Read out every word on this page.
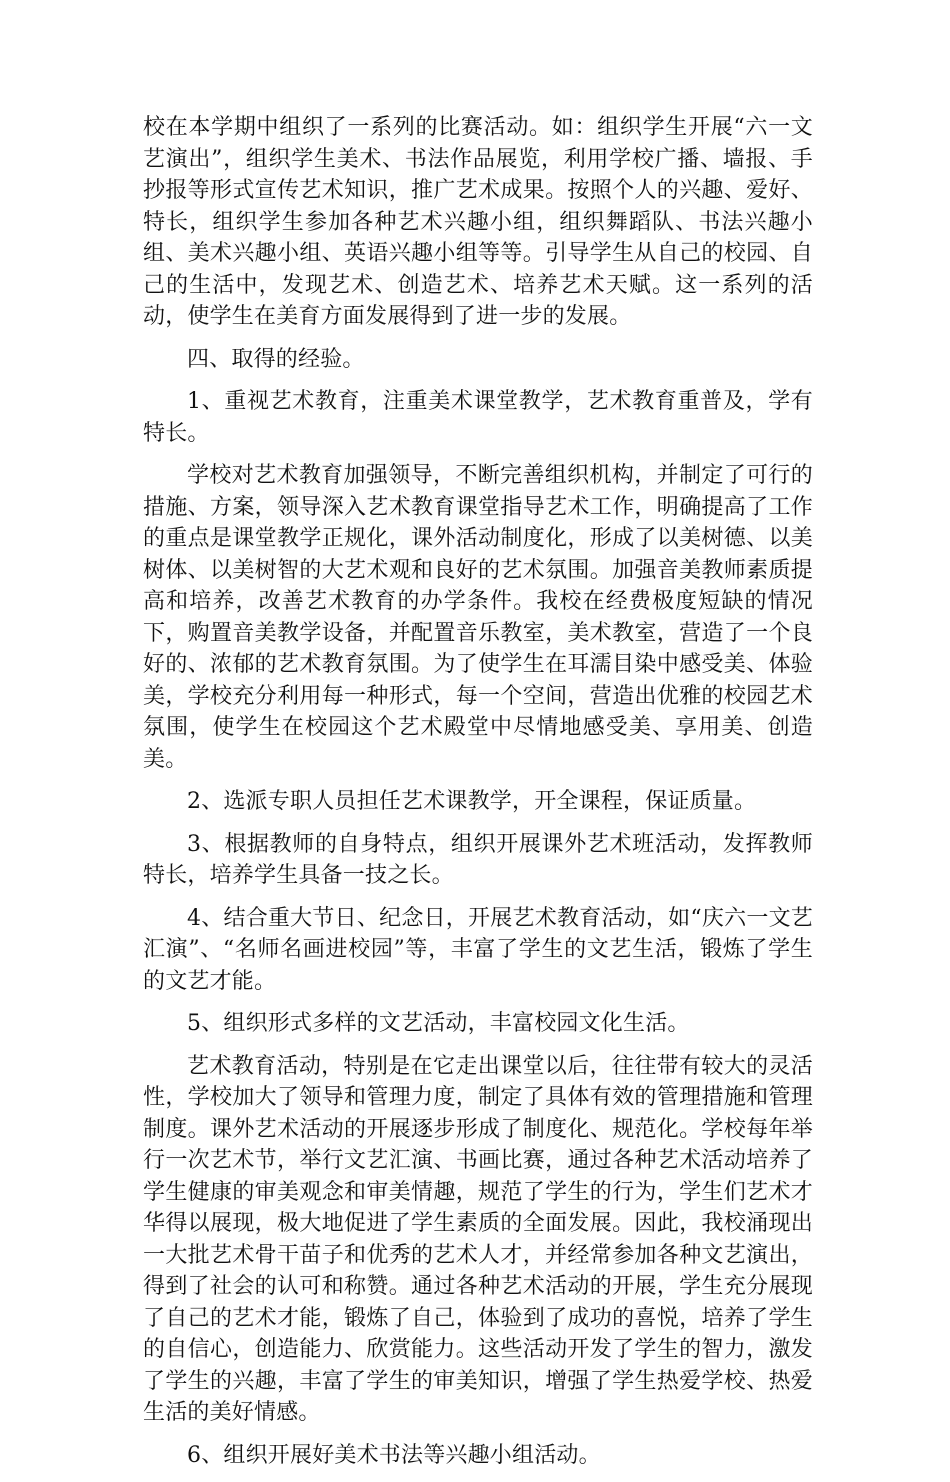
校在本学期中组织了一系列的比赛活动。如：组织学生开展“六一文艺演出”，组织学生美术、书法作品展览，利用学校广播、墙报、手抄报等形式宣传艺术知识，推广艺术成果。按照个人的兴趣、爱好、特长，组织学生参加各种艺术兴趣小组，组织舞蹈队、书法兴趣小组、美术兴趣小组、英语兴趣小组等等。引导学生从自己的校园、自己的生活中，发现艺术、创造艺术、培养艺术天赋。这一系列的活动，使学生在美育方面发展得到了进一步的发展。

四、取得的经验。

1、重视艺术教育，注重美术课堂教学，艺术教育重普及，学有特长。

学校对艺术教育加强领导，不断完善组织机构，并制定了可行的措施、方案，领导深入艺术教育课堂指导艺术工作，明确提高了工作的重点是课堂教学正规化，课外活动制度化，形成了以美树德、以美树体、以美树智的大艺术观和良好的艺术氛围。加强音美教师素质提高和培养，改善艺术教育的办学条件。我校在经费极度短缺的情况下，购置音美教学设备，并配置音乐教室，美术教室，营造了一个良好的、浓郁的艺术教育氛围。为了使学生在耳濡目染中感受美、体验美，学校充分利用每一种形式，每一个空间，营造出优雅的校园艺术氛围，使学生在校园这个艺术殿堂中尽情地感受美、享用美、创造美。

2、选派专职人员担任艺术课教学，开全课程，保证质量。

3、根据教师的自身特点，组织开展课外艺术班活动，发挥教师特长，培养学生具备一技之长。

4、结合重大节日、纪念日，开展艺术教育活动，如“庆六一文艺汇演”、“名师名画进校园”等，丰富了学生的文艺生活，锻炼了学生的文艺才能。

5、组织形式多样的文艺活动，丰富校园文化生活。

艺术教育活动，特别是在它走出课堂以后，往往带有较大的灵活性，学校加大了领导和管理力度，制定了具体有效的管理措施和管理制度。课外艺术活动的开展逐步形成了制度化、规范化。学校每年举行一次艺术节，举行文艺汇演、书画比赛，通过各种艺术活动培养了学生健康的审美观念和审美情趣，规范了学生的行为，学生们艺术才华得以展现，极大地促进了学生素质的全面发展。因此，我校涌现出一大批艺术骨干苗子和优秀的艺术人才，并经常参加各种文艺演出，得到了社会的认可和称赞。通过各种艺术活动的开展，学生充分展现了自己的艺术才能，锻炼了自己，体验到了成功的喜悦，培养了学生的自信心，创造能力、欣赏能力。这些活动开发了学生的智力，激发了学生的兴趣，丰富了学生的审美知识，增强了学生热爱学校、热爱生活的美好情感。

6、组织开展好美术书法等兴趣小组活动。
